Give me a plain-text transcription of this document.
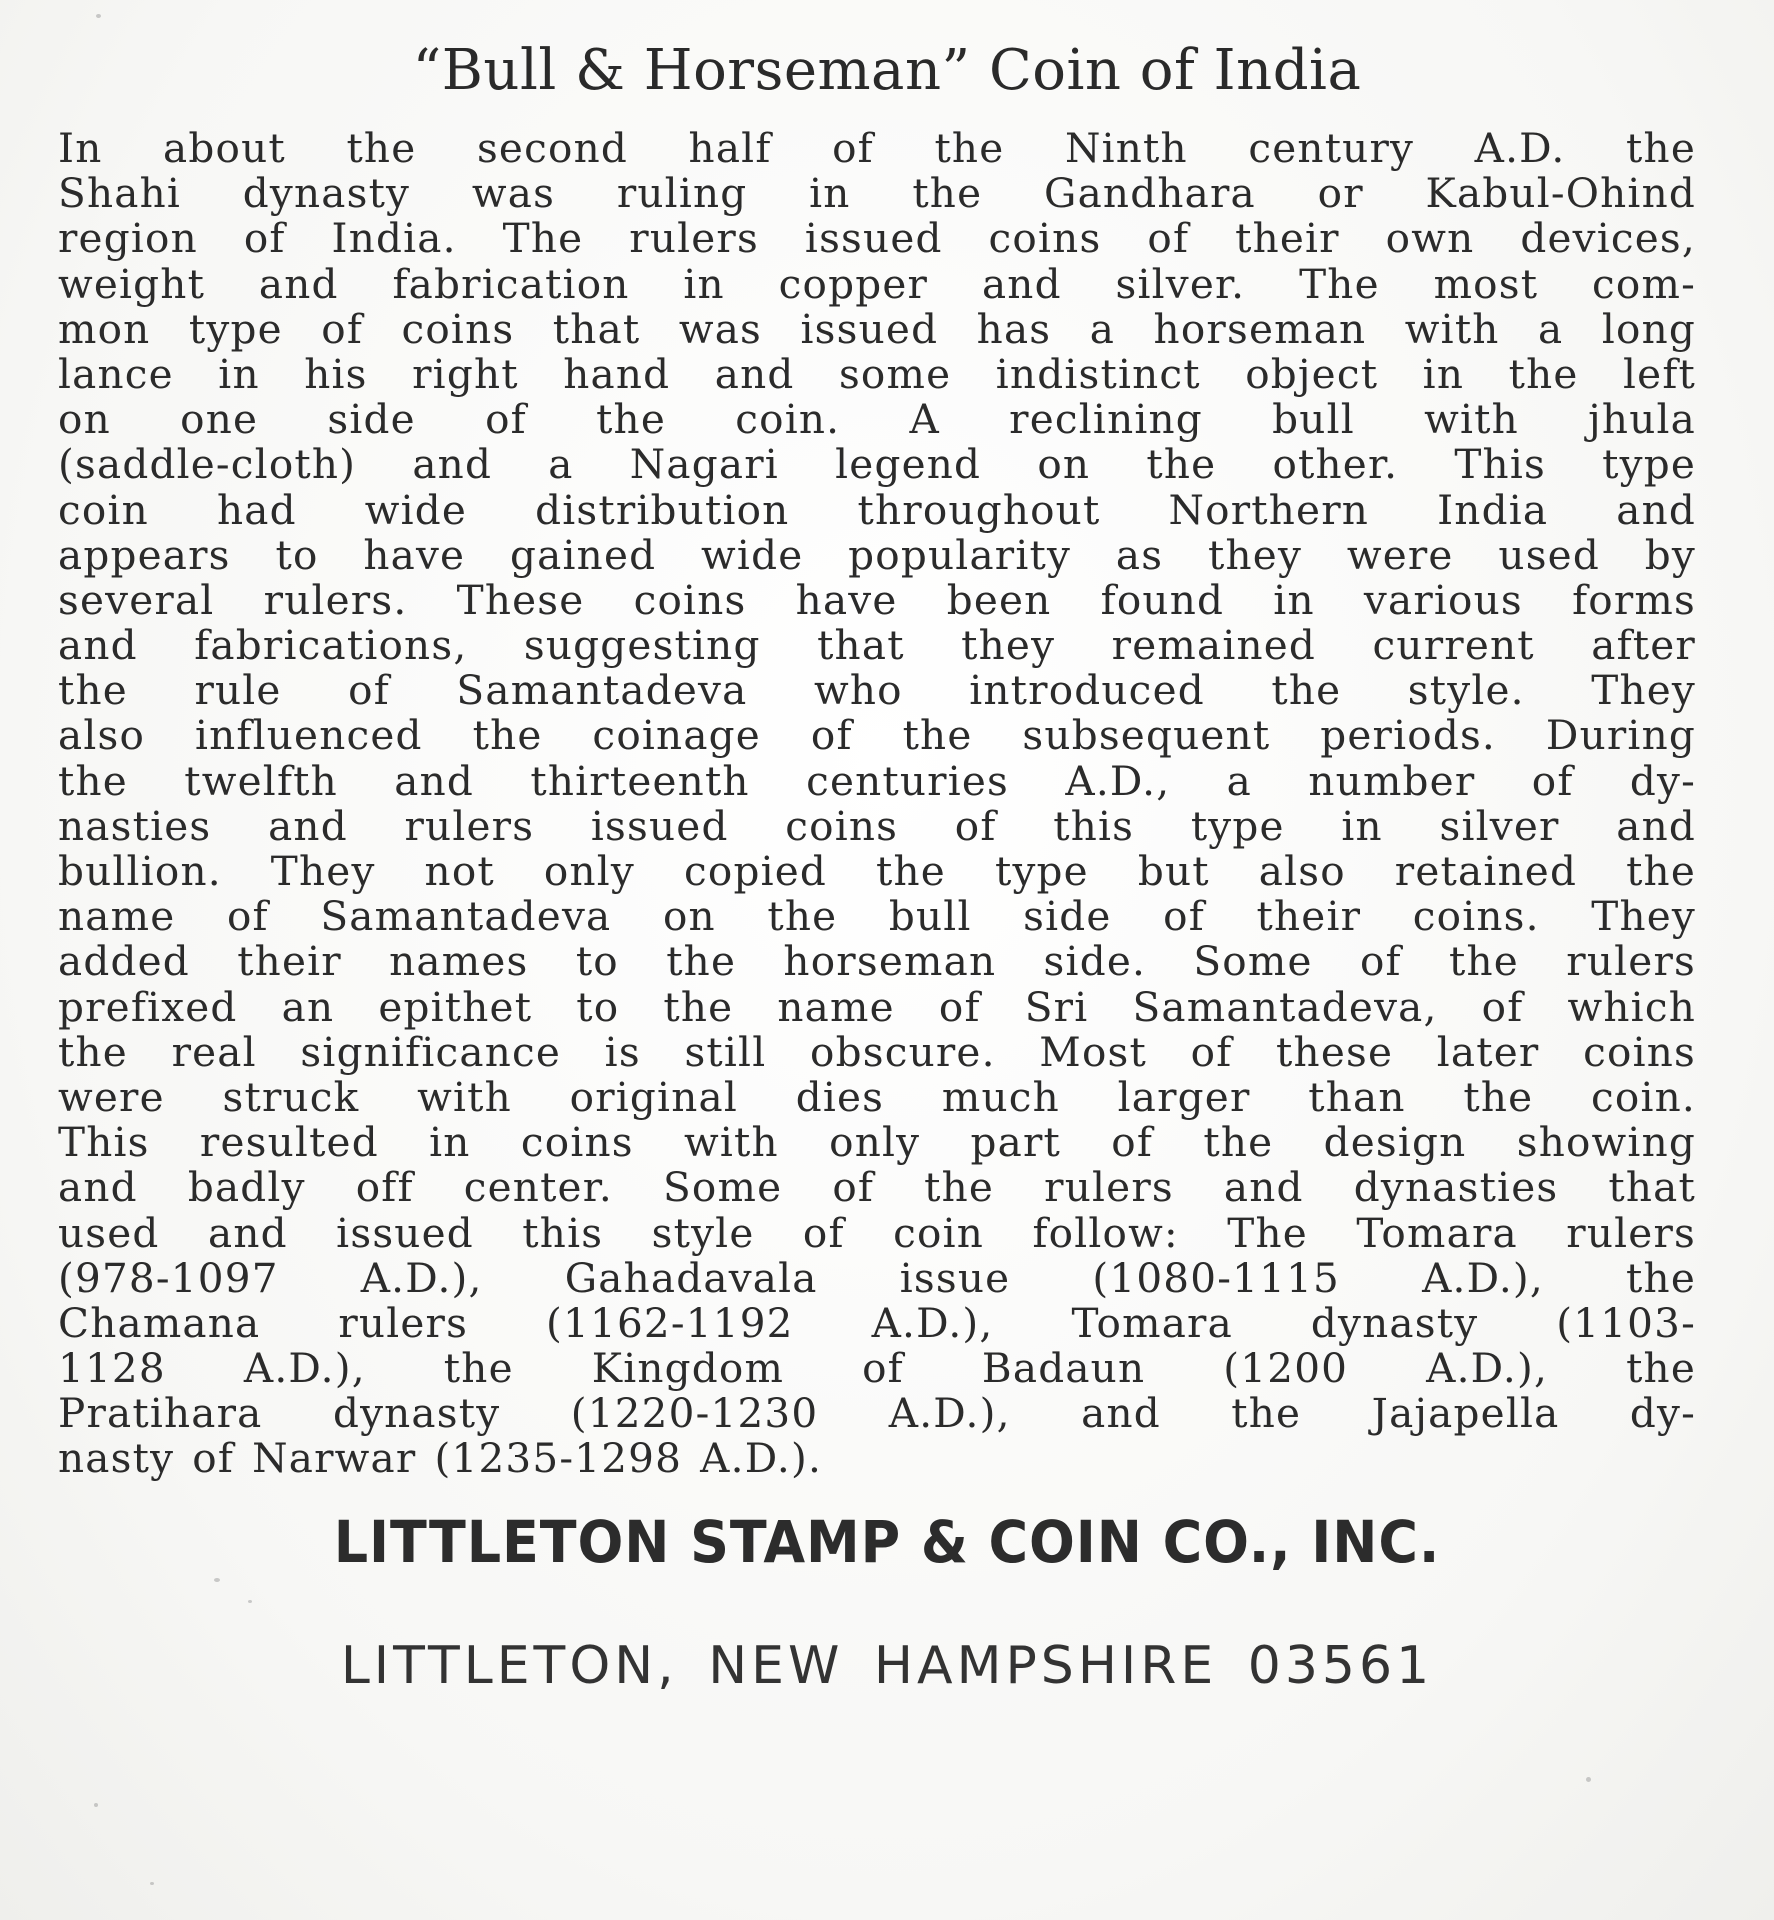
“Bull & Horseman” Coin of India
In about the second half of the Ninth century A.D. the
Shahi dynasty was ruling in the Gandhara or Kabul-Ohind
region of India. The rulers issued coins of their own devices,
weight and fabrication in copper and silver. The most com-
mon type of coins that was issued has a horseman with a long
lance in his right hand and some indistinct object in the left
on one side of the coin. A reclining bull with jhula
(saddle-cloth) and a Nagari legend on the other. This type
coin had wide distribution throughout Northern India and
appears to have gained wide popularity as they were used by
several rulers. These coins have been found in various forms
and fabrications, suggesting that they remained current after
the rule of Samantadeva who introduced the style. They
also influenced the coinage of the subsequent periods. During
the twelfth and thirteenth centuries A.D., a number of dy-
nasties and rulers issued coins of this type in silver and
bullion. They not only copied the type but also retained the
name of Samantadeva on the bull side of their coins. They
added their names to the horseman side. Some of the rulers
prefixed an epithet to the name of Sri Samantadeva, of which
the real significance is still obscure. Most of these later coins
were struck with original dies much larger than the coin.
This resulted in coins with only part of the design showing
and badly off center. Some of the rulers and dynasties that
used and issued this style of coin follow: The Tomara rulers
(978-1097 A.D.), Gahadavala issue (1080-1115 A.D.), the
Chamana rulers (1162-1192 A.D.), Tomara dynasty (1103-
1128 A.D.), the Kingdom of Badaun (1200 A.D.), the
Pratihara dynasty (1220-1230 A.D.), and the Jajapella dy-
nasty of Narwar (1235-1298 A.D.).
LITTLETON STAMP & COIN CO., INC.
LITTLETON, NEW HAMPSHIRE 03561
